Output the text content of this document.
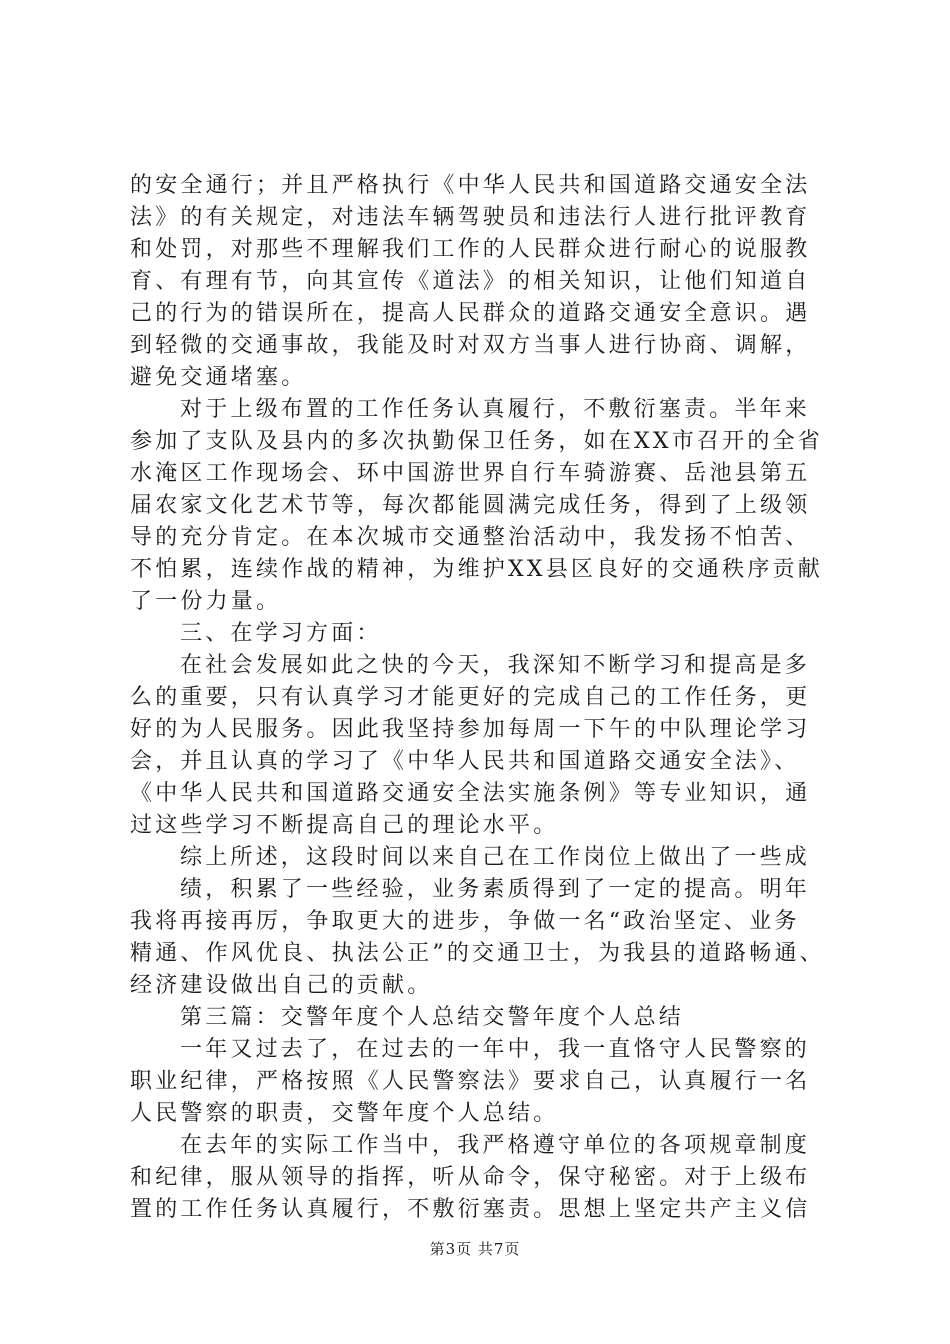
的安全通行；并且严格执行《中华人民共和国道路交通安全法
法》的有关规定，对违法车辆驾驶员和违法行人进行批评教育
和处罚，对那些不理解我们工作的人民群众进行耐心的说服教
育、有理有节，向其宣传《道法》的相关知识，让他们知道自
己的行为的错误所在，提高人民群众的道路交通安全意识。遇
到轻微的交通事故，我能及时对双方当事人进行协商、调解，
避免交通堵塞。
对于上级布置的工作任务认真履行，不敷衍塞责。半年来
参加了支队及县内的多次执勤保卫任务，如在XX市召开的全省
水淹区工作现场会、环中国游世界自行车骑游赛、岳池县第五
届农家文化艺术节等，每次都能圆满完成任务，得到了上级领
导的充分肯定。在本次城市交通整治活动中，我发扬不怕苦、
不怕累，连续作战的精神，为维护XX县区良好的交通秩序贡献
了一份力量。
三、在学习方面：
在社会发展如此之快的今天，我深知不断学习和提高是多
么的重要，只有认真学习才能更好的完成自己的工作任务，更
好的为人民服务。因此我坚持参加每周一下午的中队理论学习
会，并且认真的学习了《中华人民共和国道路交通安全法》、
《中华人民共和国道路交通安全法实施条例》等专业知识，通
过这些学习不断提高自己的理论水平。
综上所述，这段时间以来自己在工作岗位上做出了一些成
绩，积累了一些经验，业务素质得到了一定的提高。明年
我将再接再厉，争取更大的进步，争做一名“政治坚定、业务
精通、作风优良、执法公正”的交通卫士，为我县的道路畅通、
经济建设做出自己的贡献。
第三篇：交警年度个人总结交警年度个人总结
一年又过去了，在过去的一年中，我一直恪守人民警察的
职业纪律，严格按照《人民警察法》要求自己，认真履行一名
人民警察的职责，交警年度个人总结。
在去年的实际工作当中，我严格遵守单位的各项规章制度
和纪律，服从领导的指挥，听从命令，保守秘密。对于上级布
置的工作任务认真履行，不敷衍塞责。思想上坚定共产主义信
第3页 共7页
